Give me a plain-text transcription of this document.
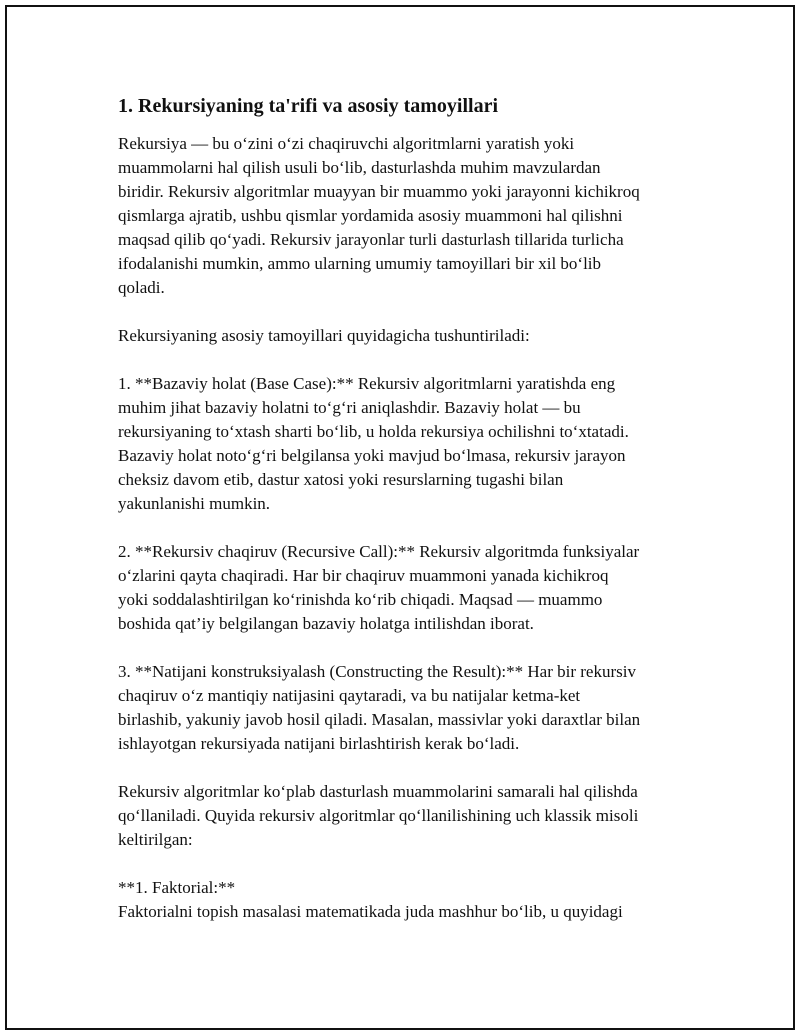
1. Rekursiyaning ta'rifi va asosiy tamoyillari

Rekursiya — bu o‘zini o‘zi chaqiruvchi algoritmlarni yaratish yoki
muammolarni hal qilish usuli bo‘lib, dasturlashda muhim mavzulardan
biridir. Rekursiv algoritmlar muayyan bir muammo yoki jarayonni kichikroq
qismlarga ajratib, ushbu qismlar yordamida asosiy muammoni hal qilishni
maqsad qilib qo‘yadi. Rekursiv jarayonlar turli dasturlash tillarida turlicha
ifodalanishi mumkin, ammo ularning umumiy tamoyillari bir xil bo‘lib
qoladi.

Rekursiyaning asosiy tamoyillari quyidagicha tushuntiriladi:

1. **Bazaviy holat (Base Case):** Rekursiv algoritmlarni yaratishda eng
muhim jihat bazaviy holatni to‘g‘ri aniqlashdir. Bazaviy holat — bu
rekursiyaning to‘xtash sharti bo‘lib, u holda rekursiya ochilishni to‘xtatadi.
Bazaviy holat noto‘g‘ri belgilansa yoki mavjud bo‘lmasa, rekursiv jarayon
cheksiz davom etib, dastur xatosi yoki resurslarning tugashi bilan
yakunlanishi mumkin.

2. **Rekursiv chaqiruv (Recursive Call):** Rekursiv algoritmda funksiyalar
o‘zlarini qayta chaqiradi. Har bir chaqiruv muammoni yanada kichikroq
yoki soddalashtirilgan ko‘rinishda ko‘rib chiqadi. Maqsad — muammo
boshida qat’iy belgilangan bazaviy holatga intilishdan iborat.

3. **Natijani konstruksiyalash (Constructing the Result):** Har bir rekursiv
chaqiruv o‘z mantiqiy natijasini qaytaradi, va bu natijalar ketma-ket
birlashib, yakuniy javob hosil qiladi. Masalan, massivlar yoki daraxtlar bilan
ishlayotgan rekursiyada natijani birlashtirish kerak bo‘ladi.

Rekursiv algoritmlar ko‘plab dasturlash muammolarini samarali hal qilishda
qo‘llaniladi. Quyida rekursiv algoritmlar qo‘llanilishining uch klassik misoli
keltirilgan:

**1. Faktorial:**
Faktorialni topish masalasi matematikada juda mashhur bo‘lib, u quyidagi
